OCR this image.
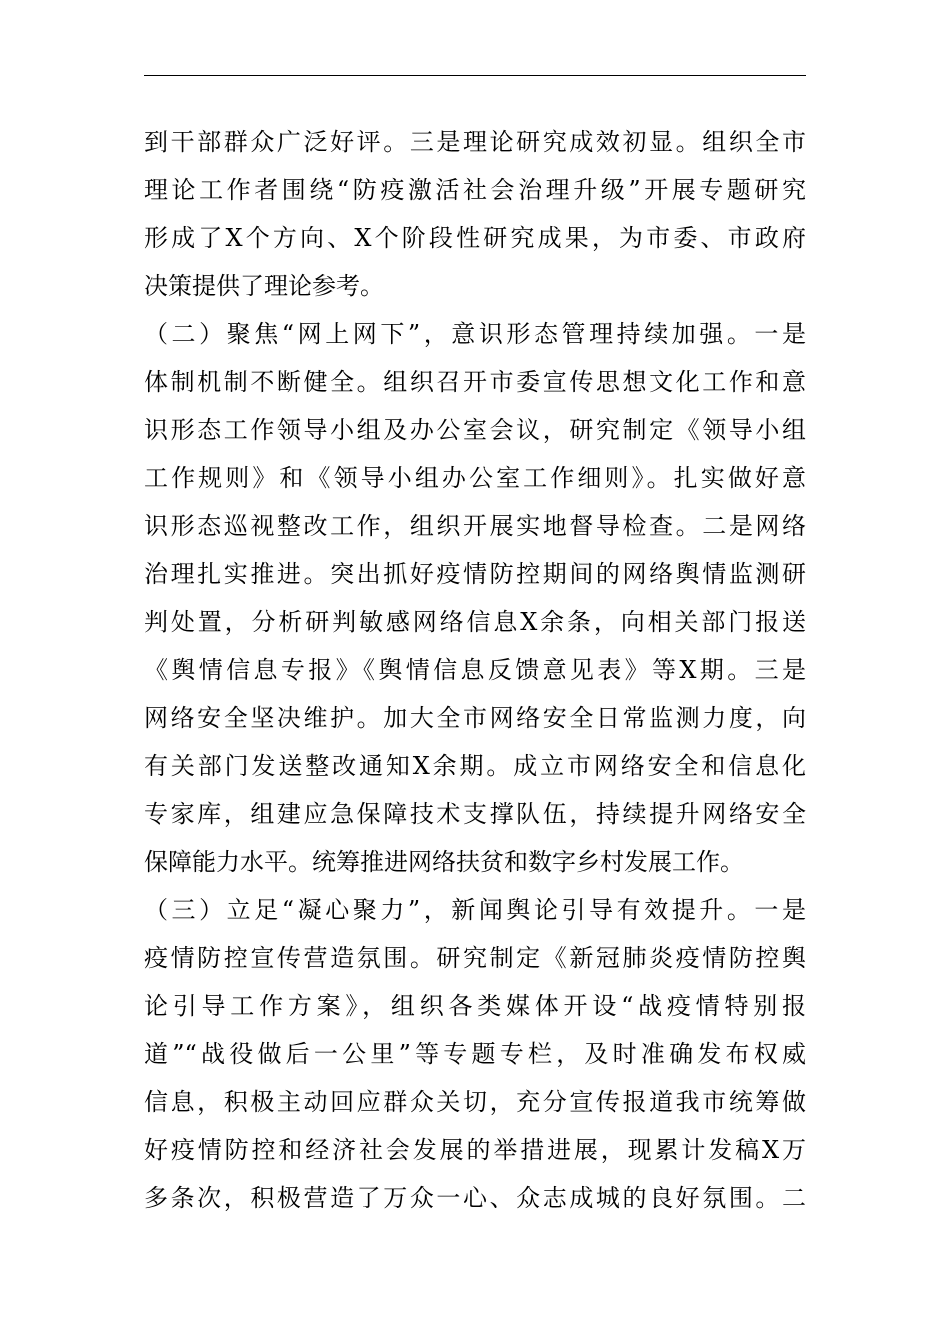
到干部群众广泛好评。三是理论研究成效初显。组织全市
理论工作者围绕“防疫激活社会治理升级”开展专题研究
形成了X个方向、X个阶段性研究成果，为市委、市政府
决策提供了理论参考。
（二）聚焦“网上网下”，意识形态管理持续加强。一是
体制机制不断健全。组织召开市委宣传思想文化工作和意
识形态工作领导小组及办公室会议，研究制定《领导小组
工作规则》和《领导小组办公室工作细则》。扎实做好意
识形态巡视整改工作，组织开展实地督导检查。二是网络
治理扎实推进。突出抓好疫情防控期间的网络舆情监测研
判处置，分析研判敏感网络信息X余条，向相关部门报送
《舆情信息专报》《舆情信息反馈意见表》等X期。三是
网络安全坚决维护。加大全市网络安全日常监测力度，向
有关部门发送整改通知X余期。成立市网络安全和信息化
专家库，组建应急保障技术支撑队伍，持续提升网络安全
保障能力水平。统筹推进网络扶贫和数字乡村发展工作。
（三）立足“凝心聚力”，新闻舆论引导有效提升。一是
疫情防控宣传营造氛围。研究制定《新冠肺炎疫情防控舆
论引导工作方案》，组织各类媒体开设“战疫情特别报
道”“战役做后一公里”等专题专栏，及时准确发布权威
信息，积极主动回应群众关切，充分宣传报道我市统筹做
好疫情防控和经济社会发展的举措进展，现累计发稿X万
多条次，积极营造了万众一心、众志成城的良好氛围。二
